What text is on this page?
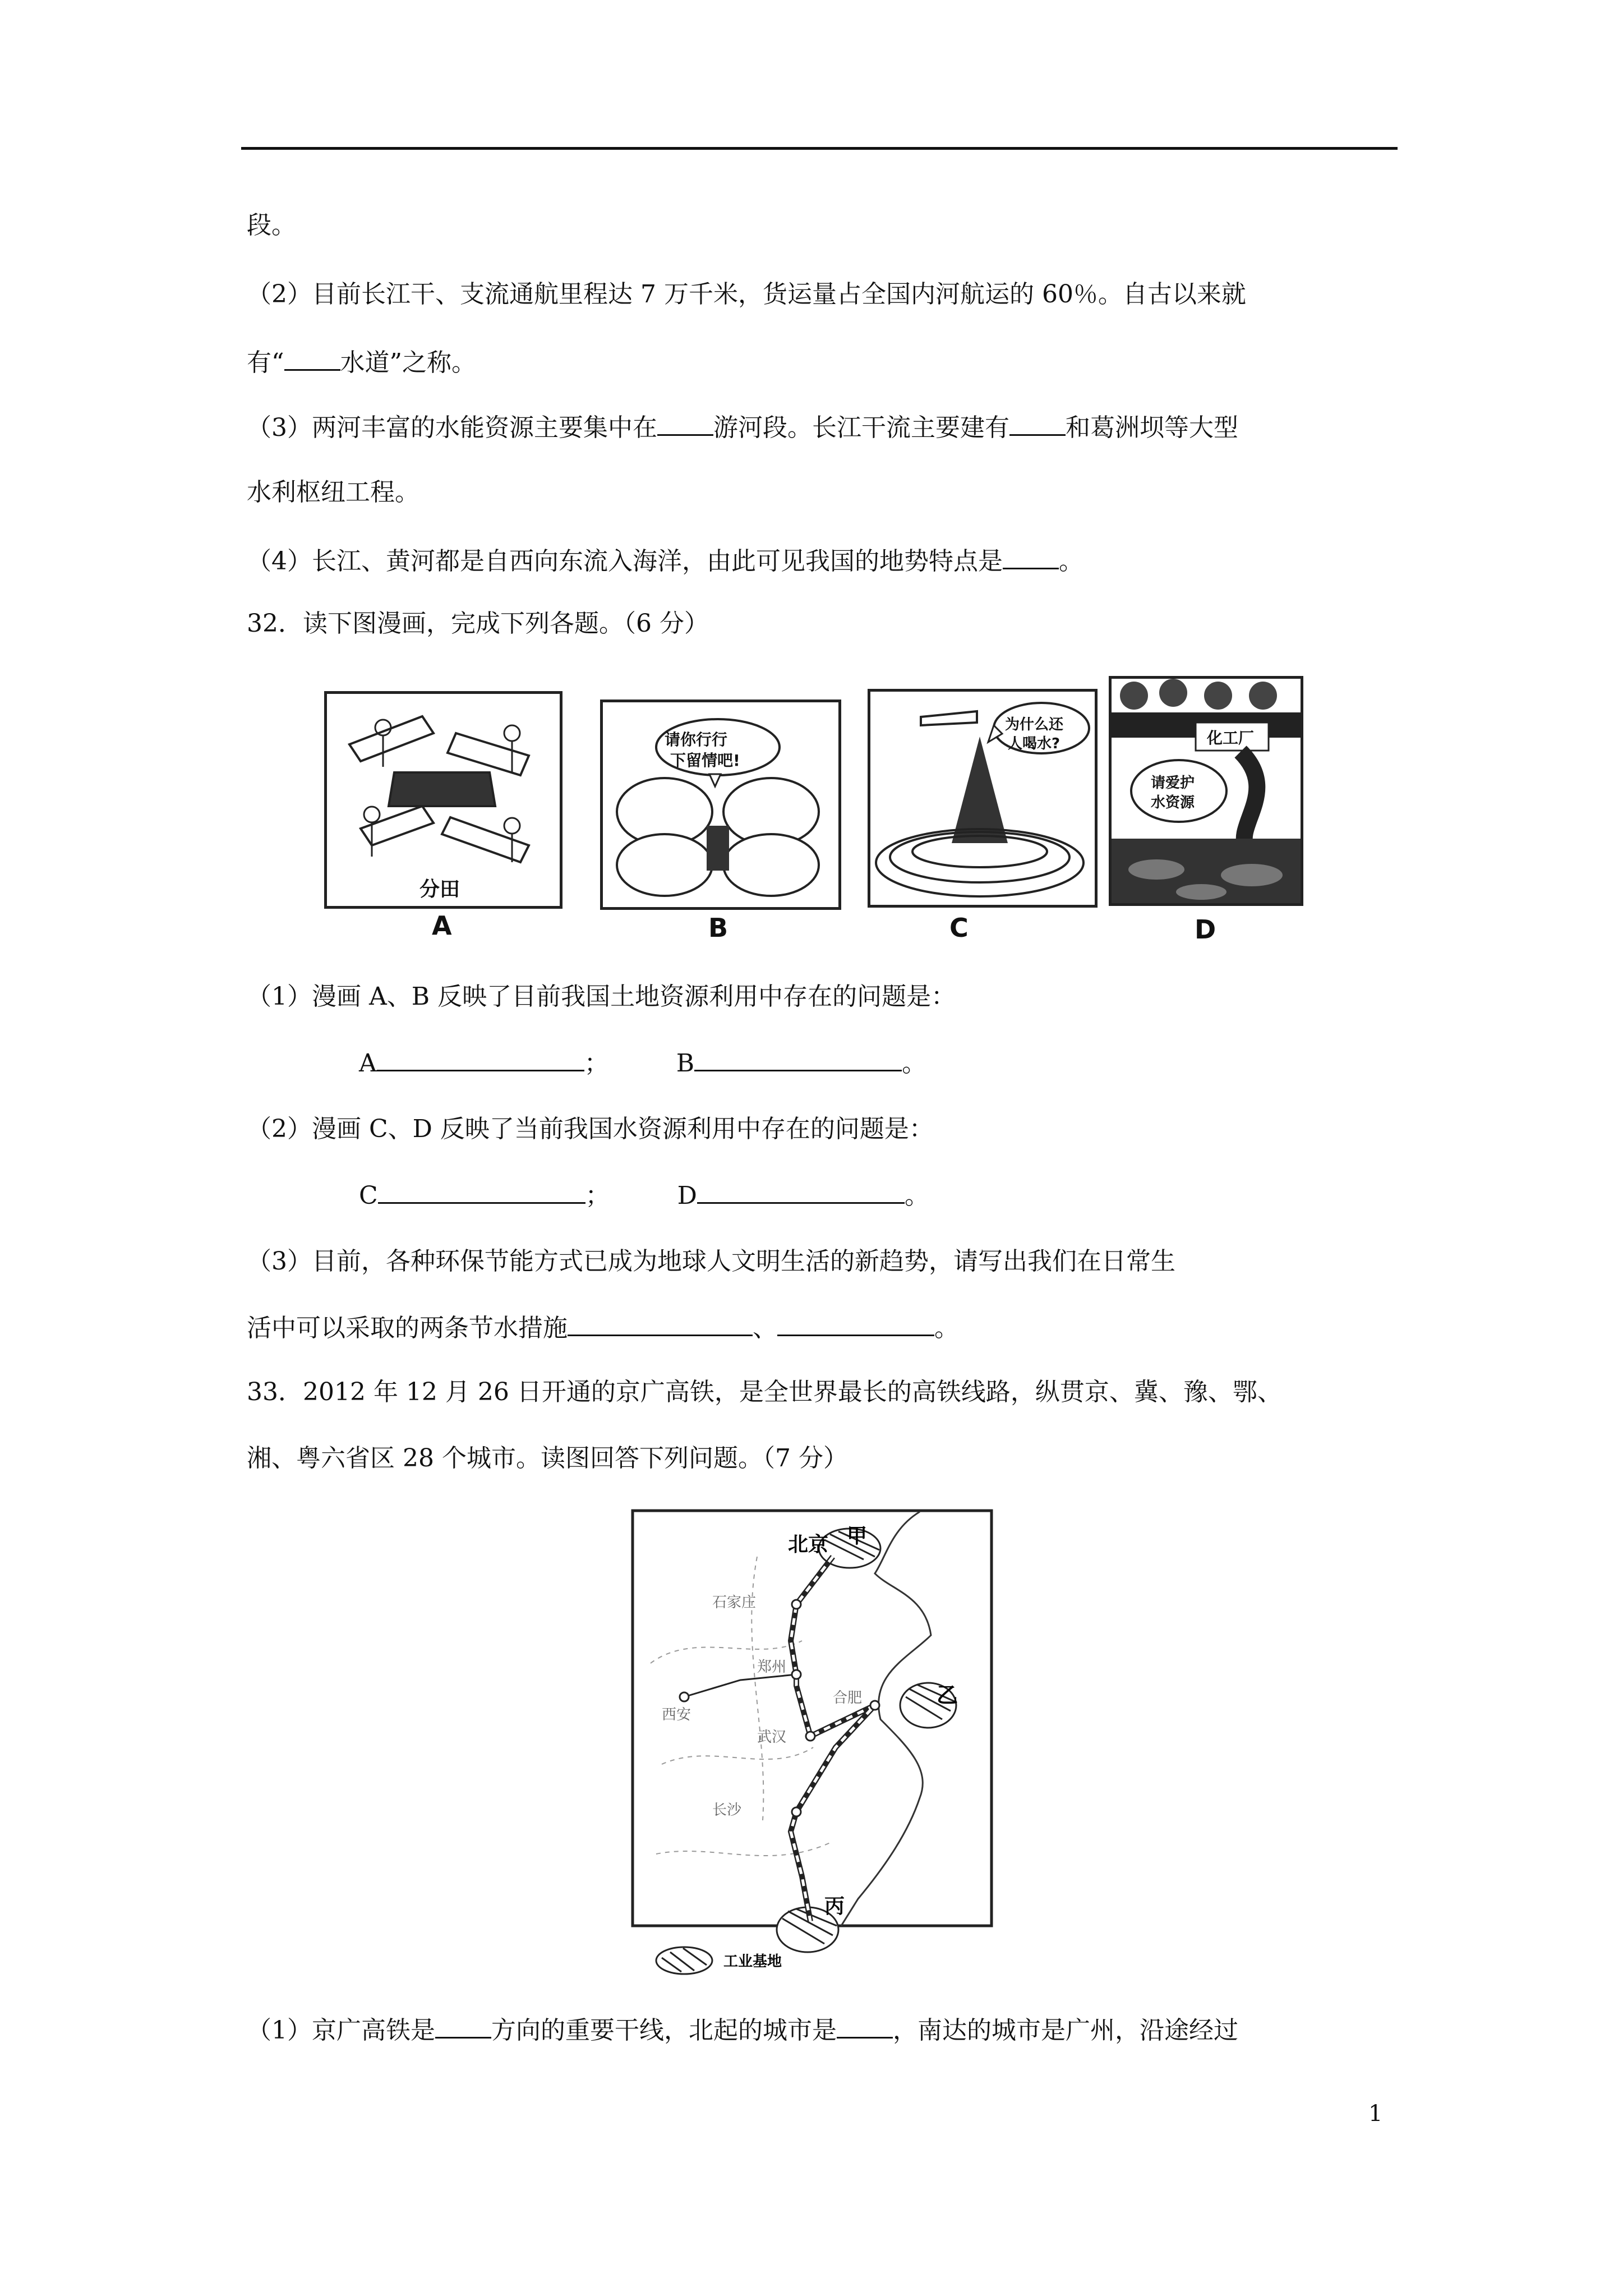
段。
（2）目前长江干、支流通航里程达 7 万千米，货运量占全国内河航运的 60％。自古以来就
有“ 水道”之称。
（3）两河丰富的水能资源主要集中在 游河段。长江干流主要建有 和葛洲坝等大型
水利枢纽工程。
（4）长江、黄河都是自西向东流入海洋，由此可见我国的地势特点是 。
32．读下图漫画，完成下列各题。（6 分）
分田
A
请你行行
下留情吧!
B
为什么还
人喝水?
C
化工厂
请爱护
水资源
D
（1）漫画 A、B 反映了目前我国土地资源利用中存在的问题是：
A	；	B	。
（2）漫画 C、D 反映了当前我国水资源利用中存在的问题是：
C	；	D	。
（3）目前，各种环保节能方式已成为地球人文明生活的新趋势，请写出我们在日常生
活中可以采取的两条节水措施	、	。
33．2012 年 12 月 26 日开通的京广高铁，是全世界最长的高铁线路，纵贯京、冀、豫、鄂、
湘、粤六省区 28 个城市。读图回答下列问题。（7 分）
北京 甲
石家庄
郑州
西安
合肥	乙
武汉
长沙
丙
工业基地
（1）京广高铁是 方向的重要干线，北起的城市是 ，南达的城市是广州，沿途经过
1
